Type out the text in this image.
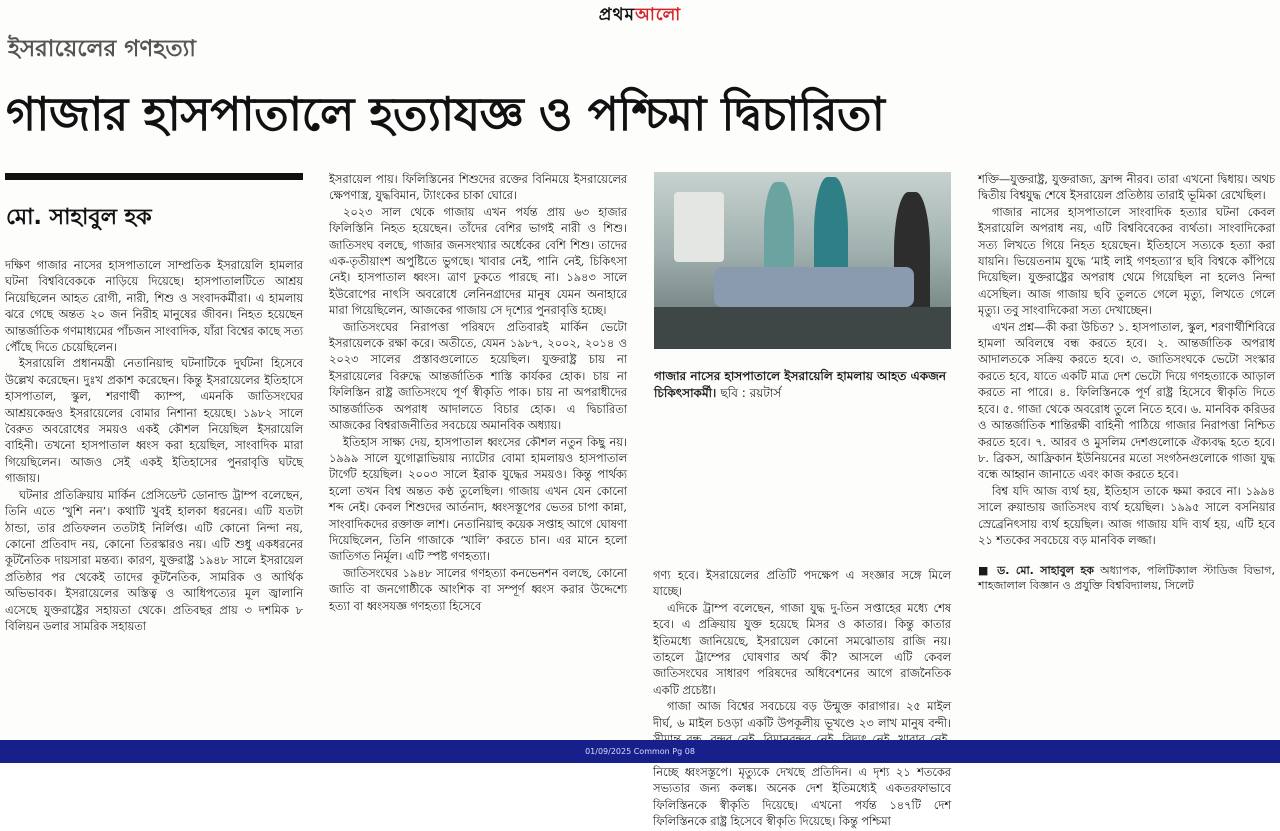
প্রথমআলো
ইসরায়েলের গণহত্যা
গাজার হাসপাতালে হত্যাযজ্ঞ ও পশ্চিমা দ্বিচারিতা
মো. সাহাবুল হক

দক্ষিণ গাজার নাসের হাসপাতালে সাম্প্রতিক ইসরায়েলি হামলার ঘটনা বিশ্ববিবেককে নাড়িয়ে দিয়েছে। হাসপাতালটিতে আশ্রয় নিয়েছিলেন আহত রোগী, নারী, শিশু ও সংবাদকর্মীরা। এ হামলায় ঝরে গেছে অন্তত ২০ জন নিরীহ মানুষের জীবন। নিহত হয়েছেন আন্তর্জাতিক গণমাধ্যমের পাঁচজন সাংবাদিক, যাঁরা বিশ্বের কাছে সত্য পৌঁছে দিতে চেয়েছিলেন।

ইসরায়েলি প্রধানমন্ত্রী নেতানিয়াহু ঘটনাটিকে দুর্ঘটনা হিসেবে উল্লেখ করেছেন। দুঃখ প্রকাশ করেছেন। কিন্তু ইসরায়েলের ইতিহাসে হাসপাতাল, স্কুল, শরণার্থী ক্যাম্প, এমনকি জাতিসংঘের আশ্রয়কেন্দ্রও ইসরায়েলের বোমার নিশানা হয়েছে। ১৯৮২ সালে বৈরুত অবরোধের সময়ও একই কৌশল নিয়েছিল ইসরায়েলি বাহিনী। তখনো হাসপাতাল ধ্বংস করা হয়েছিল, সাংবাদিক মারা গিয়েছিলেন। আজও সেই একই ইতিহাসের পুনরাবৃত্তি ঘটছে গাজায়।

ঘটনার প্রতিক্রিয়ায় মার্কিন প্রেসিডেন্ট ডোনাল্ড ট্রাম্প বলেছেন, তিনি এতে ‘খুশি নন’। কথাটি খুবই হালকা ধরনের। এটি যতটা ঠান্ডা, তার প্রতিফলন ততটাই নির্লিপ্ত। এটি কোনো নিন্দা নয়, কোনো প্রতিবাদ নয়, কোনো তিরস্কারও নয়। এটি শুধু একধরনের কূটনৈতিক দায়সারা মন্তব্য। কারণ, যুক্তরাষ্ট্র ১৯৪৮ সালে ইসরায়েল প্রতিষ্ঠার পর থেকেই তাদের কূটনৈতিক, সামরিক ও আর্থিক অভিভাবক। ইসরায়েলের অস্তিত্ব ও আধিপত্যের মূল জ্বালানি এসেছে যুক্তরাষ্ট্রের সহায়তা থেকে। প্রতিবছর প্রায় ৩ দশমিক ৮ বিলিয়ন ডলার সামরিক সহায়তা

ইসরায়েল পায়। ফিলিস্তিনের শিশুদের রক্তের বিনিময়ে ইসরায়েলের ক্ষেপণাস্ত্র, যুদ্ধবিমান, ট্যাংকের চাকা ঘোরে।

২০২৩ সাল থেকে গাজায় এখন পর্যন্ত প্রায় ৬৩ হাজার ফিলিস্তিনি নিহত হয়েছেন। তাঁদের বেশির ভাগই নারী ও শিশু। জাতিসংঘ বলছে, গাজার জনসংখ্যার অর্ধেকের বেশি শিশু। তাদের এক-তৃতীয়াংশ অপুষ্টিতে ভুগছে। খাবার নেই, পানি নেই, চিকিৎসা নেই। হাসপাতাল ধ্বংস। ত্রাণ ঢুকতে পারছে না। ১৯৪৩ সালে ইউরোপের নাৎসি অবরোধে লেনিনগ্রাদের মানুষ যেমন অনাহারে মারা গিয়েছিলেন, আজকের গাজায় সে দৃশ্যের পুনরাবৃত্তি হচ্ছে।

জাতিসংঘের নিরাপত্তা পরিষদে প্রতিবারই মার্কিন ভেটো ইসরায়েলকে রক্ষা করে। অতীতে, যেমন ১৯৮৭, ২০০২, ২০১৪ ও ২০২৩ সালের প্রস্তাবগুলোতে হয়েছিল। যুক্তরাষ্ট্র চায় না ইসরায়েলের বিরুদ্ধে আন্তর্জাতিক শাস্তি কার্যকর হোক। চায় না ফিলিস্তিন রাষ্ট্র জাতিসংঘে পূর্ণ স্বীকৃতি পাক। চায় না অপরাধীদের আন্তর্জাতিক অপরাধ আদালতে বিচার হোক। এ দ্বিচারিতা আজকের বিশ্বরাজনীতির সবচেয়ে অমানবিক অধ্যায়।

ইতিহাস সাক্ষ্য দেয়, হাসপাতাল ধ্বংসের কৌশল নতুন কিছু নয়। ১৯৯৯ সালে যুগোস্লাভিয়ায় ন্যাটোর বোমা হামলায়ও হাসপাতাল টার্গেট হয়েছিল। ২০০৩ সালে ইরাক যুদ্ধের সময়ও। কিন্তু পার্থক্য হলো তখন বিশ্ব অন্তত কণ্ঠ তুলেছিল। গাজায় এখন যেন কোনো শব্দ নেই। কেবল শিশুদের আর্তনাদ, ধ্বংসস্তূপের ভেতর চাপা কান্না, সাংবাদিকদের রক্তাক্ত লাশ। নেতানিয়াহু কয়েক সপ্তাহ আগে ঘোষণা দিয়েছিলেন, তিনি গাজাকে ‘খালি’ করতে চান। এর মানে হলো জাতিগত নির্মূল। এটি স্পষ্ট গণহত্যা।

জাতিসংঘের ১৯৪৮ সালের গণহত্যা কনভেনশন বলছে, কোনো জাতি বা জনগোষ্ঠীকে আংশিক বা সম্পূর্ণ ধ্বংস করার উদ্দেশ্যে হত্যা বা ধ্বংসযজ্ঞ গণহত্যা হিসেবে

গাজার নাসের হাসপাতালে ইসরায়েলি হামলায় আহত একজন চিকিৎসাকর্মী। ছবি : রয়টার্স

গণ্য হবে। ইসরায়েলের প্রতিটি পদক্ষেপ এ সংজ্ঞার সঙ্গে মিলে যাচ্ছে।

এদিকে ট্রাম্প বলেছেন, গাজা যুদ্ধ দু-তিন সপ্তাহের মধ্যে শেষ হবে। এ প্রক্রিয়ায় যুক্ত হয়েছে মিসর ও কাতার। কিন্তু কাতার ইতিমধ্যে জানিয়েছে, ইসরায়েল কোনো সমঝোতায় রাজি নয়। তাহলে ট্রাম্পের ঘোষণার অর্থ কী? আসলে এটি কেবল জাতিসংঘের সাধারণ পরিষদের অধিবেশনের আগে রাজনৈতিক একটি প্রচেষ্টা।

গাজা আজ বিশ্বের সবচেয়ে বড় উন্মুক্ত কারাগার। ২৫ মাইল দীর্ঘ, ৬ মাইল চওড়া একটি উপকূলীয় ভূখণ্ডে ২৩ লাখ মানুষ বন্দী। নিচ্ছে ধ্বংসস্তূপে। মৃত্যুকে দেখছে প্রতিদিন। এ দৃশ্য ২১ শতকের সভ্যতার জন্য কলঙ্ক। অনেক দেশ ইতিমধ্যেই একতরফাভাবে ফিলিস্তিনকে স্বীকৃতি দিয়েছে। এখনো পর্যন্ত ১৪৭টি দেশ ফিলিস্তিনকে রাষ্ট্র হিসেবে স্বীকৃতি দিয়েছে। কিন্তু পশ্চিমা

শক্তি—যুক্তরাষ্ট্র, যুক্তরাজ্য, ফ্রান্স নীরব। তারা এখনো দ্বিধায়। অথচ দ্বিতীয় বিশ্বযুদ্ধ শেষে ইসরায়েল প্রতিষ্ঠায় তারাই ভূমিকা রেখেছিল।

গাজার নাসের হাসপাতালে সাংবাদিক হত্যার ঘটনা কেবল ইসরায়েলি অপরাধ নয়, এটি বিশ্ববিবেকের ব্যর্থতা। সাংবাদিকেরা সত্য লিখতে গিয়ে নিহত হয়েছেন। ইতিহাসে সত্যকে হত্যা করা যায়নি। ভিয়েতনাম যুদ্ধে ‘মাই লাই গণহত্যা’র ছবি বিশ্বকে কাঁপিয়ে দিয়েছিল। যুক্তরাষ্ট্রের অপরাধ থেমে গিয়েছিল না হলেও নিন্দা এসেছিল। আজ গাজায় ছবি তুলতে গেলে মৃত্যু, লিখতে গেলে মৃত্যু। তবু সাংবাদিকেরা সত্য দেখাচ্ছেন।

এখন প্রশ্ন—কী করা উচিত? ১. হাসপাতাল, স্কুল, শরণার্থীশিবিরে হামলা অবিলম্বে বন্ধ করতে হবে। ২. আন্তর্জাতিক অপরাধ আদালতকে সক্রিয় করতে হবে। ৩. জাতিসংঘকে ভেটো সংস্কার করতে হবে, যাতে একটি মাত্র দেশ ভেটো দিয়ে গণহত্যাকে আড়াল করতে না পারে। ৪. ফিলিস্তিনকে পূর্ণ রাষ্ট্র হিসেবে স্বীকৃতি দিতে হবে। ৫. গাজা থেকে অবরোধ তুলে নিতে হবে। ৬. মানবিক করিডর ও আন্তর্জাতিক শান্তিরক্ষী বাহিনী পাঠিয়ে গাজার নিরাপত্তা নিশ্চিত করতে হবে। ৭. আরব ও মুসলিম দেশগুলোকে ঐক্যবদ্ধ হতে হবে। ৮. ব্রিকস, আফ্রিকান ইউনিয়নের মতো সংগঠনগুলোকে গাজা যুদ্ধ বন্ধে আহ্বান জানাতে এবং কাজ করতে হবে।

বিশ্ব যদি আজ ব্যর্থ হয়, ইতিহাস তাকে ক্ষমা করবে না। ১৯৯৪ সালে রুয়ান্ডায় জাতিসংঘ ব্যর্থ হয়েছিল। ১৯৯৫ সালে বসনিয়ার স্রেব্রেনিৎসায় ব্যর্থ হয়েছিল। আজ গাজায় যদি ব্যর্থ হয়, এটি হবে ২১ শতকের সবচেয়ে বড় মানবিক লজ্জা।

■ ড. মো. সাহাবুল হক অধ্যাপক, পলিটিক্যাল স্টাডিজ বিভাগ, শাহজালাল বিজ্ঞান ও প্রযুক্তি বিশ্ববিদ্যালয়, সিলেট

01/09/2025 Common Pg 08
